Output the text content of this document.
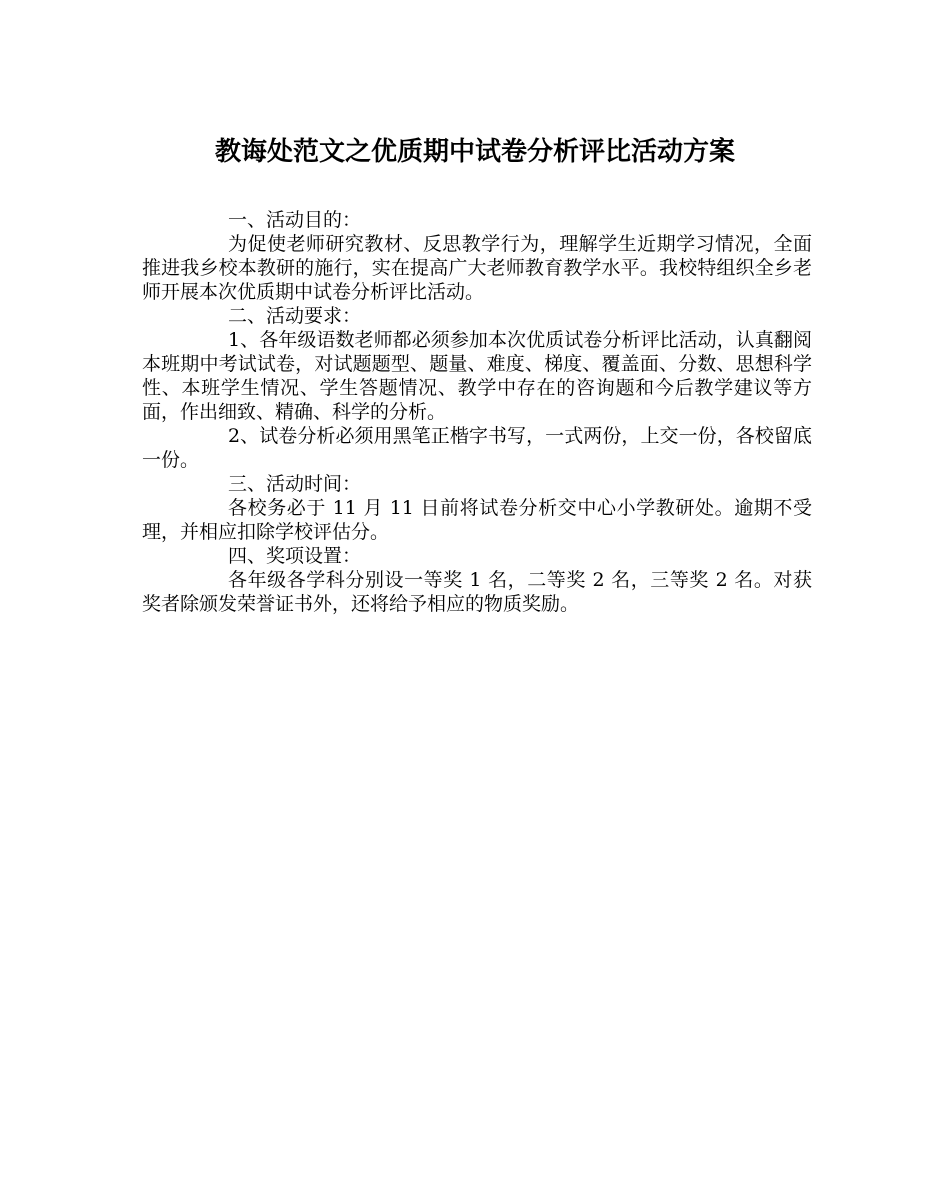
教诲处范文之优质期中试卷分析评比活动方案

一、活动目的：

为促使老师研究教材、反思教学行为，理解学生近期学习情况，全面推进我乡校本教研的施行，实在提高广大老师教育教学水平。我校特组织全乡老师开展本次优质期中试卷分析评比活动。

二、活动要求：

1、各年级语数老师都必须参加本次优质试卷分析评比活动，认真翻阅本班期中考试试卷，对试题题型、题量、难度、梯度、覆盖面、分数、思想科学性、本班学生情况、学生答题情况、教学中存在的咨询题和今后教学建议等方面，作出细致、精确、科学的分析。

2、试卷分析必须用黑笔正楷字书写，一式两份，上交一份，各校留底一份。

三、活动时间：

各校务必于 11 月 11 日前将试卷分析交中心小学教研处。逾期不受理，并相应扣除学校评估分。

四、奖项设置：

各年级各学科分别设一等奖 1 名，二等奖 2 名，三等奖 2 名。对获奖者除颁发荣誉证书外，还将给予相应的物质奖励。
